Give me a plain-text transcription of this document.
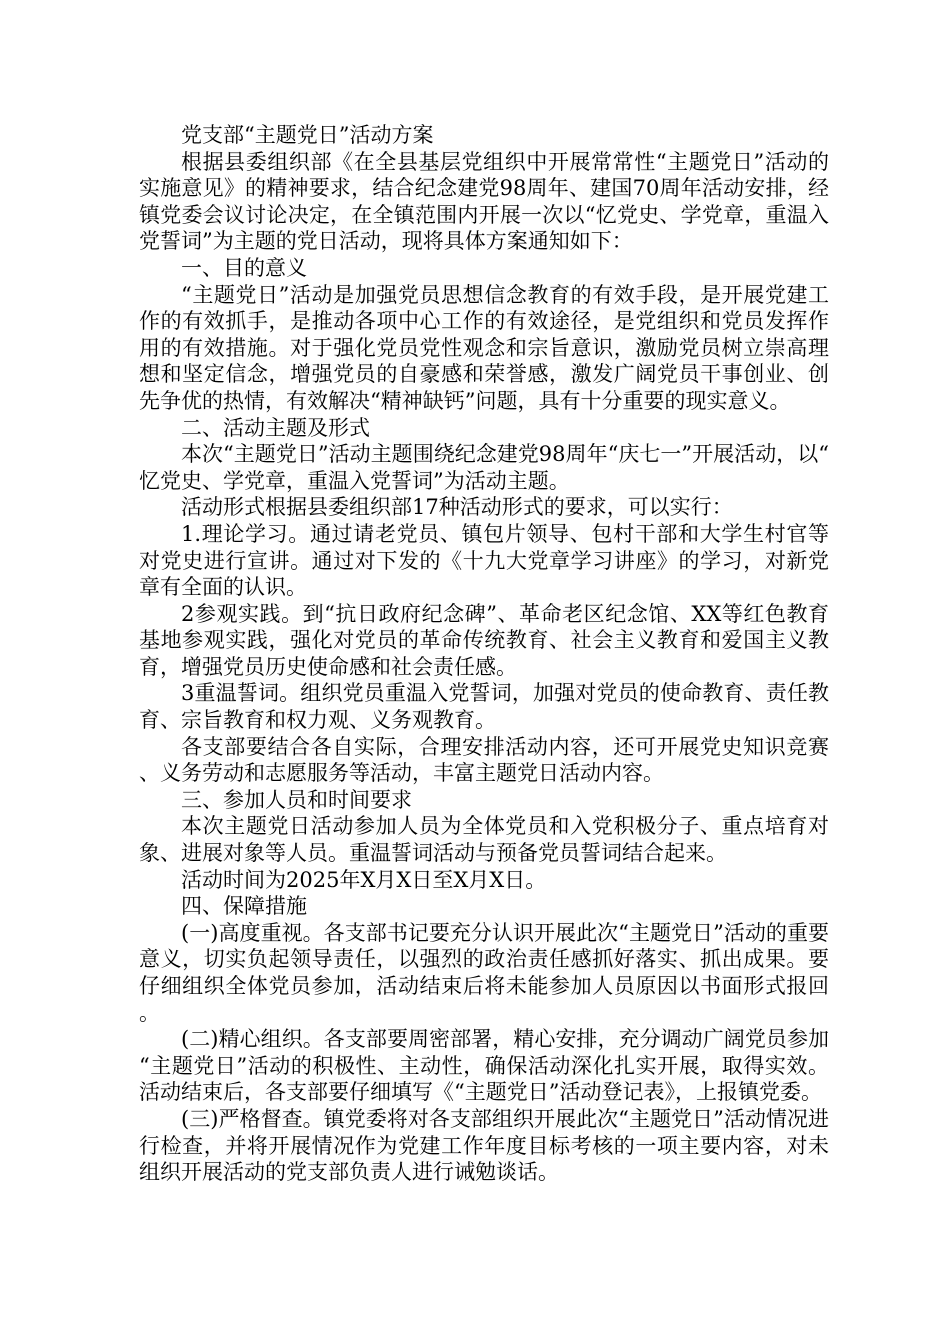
党支部“主题党日”活动方案

根据县委组织部《在全县基层党组织中开展常常性“主题党日”活动的实施意见》的精神要求，结合纪念建党98周年、建国70周年活动安排，经镇党委会议讨论决定，在全镇范围内开展一次以“忆党史、学党章，重温入党誓词”为主题的党日活动，现将具体方案通知如下：

一、目的意义

“主题党日”活动是加强党员思想信念教育的有效手段，是开展党建工作的有效抓手，是推动各项中心工作的有效途径，是党组织和党员发挥作用的有效措施。对于强化党员党性观念和宗旨意识，激励党员树立崇高理想和坚定信念，增强党员的自豪感和荣誉感，激发广阔党员干事创业、创先争优的热情，有效解决“精神缺钙”问题，具有十分重要的现实意义。

二、活动主题及形式

本次“主题党日”活动主题围绕纪念建党98周年“庆七一”开展活动，以“忆党史、学党章，重温入党誓词”为活动主题。

活动形式根据县委组织部17种活动形式的要求，可以实行：

1.理论学习。通过请老党员、镇包片领导、包村干部和大学生村官等对党史进行宣讲。通过对下发的《十九大党章学习讲座》的学习，对新党章有全面的认识。

2参观实践。到“抗日政府纪念碑”、革命老区纪念馆、XX等红色教育基地参观实践，强化对党员的革命传统教育、社会主义教育和爱国主义教育，增强党员历史使命感和社会责任感。

3重温誓词。组织党员重温入党誓词，加强对党员的使命教育、责任教育、宗旨教育和权力观、义务观教育。

各支部要结合各自实际，合理安排活动内容，还可开展党史知识竞赛、义务劳动和志愿服务等活动，丰富主题党日活动内容。

三、参加人员和时间要求

本次主题党日活动参加人员为全体党员和入党积极分子、重点培育对象、进展对象等人员。重温誓词活动与预备党员誓词结合起来。

活动时间为2025年X月X日至X月X日。

四、保障措施

(一)高度重视。各支部书记要充分认识开展此次“主题党日”活动的重要意义，切实负起领导责任，以强烈的政治责任感抓好落实、抓出成果。要仔细组织全体党员参加，活动结束后将未能参加人员原因以书面形式报回。

(二)精心组织。各支部要周密部署，精心安排，充分调动广阔党员参加“主题党日”活动的积极性、主动性，确保活动深化扎实开展，取得实效。活动结束后，各支部要仔细填写《“主题党日”活动登记表》，上报镇党委。

(三)严格督查。镇党委将对各支部组织开展此次“主题党日”活动情况进行检查，并将开展情况作为党建工作年度目标考核的一项主要内容，对未组织开展活动的党支部负责人进行诫勉谈话。
